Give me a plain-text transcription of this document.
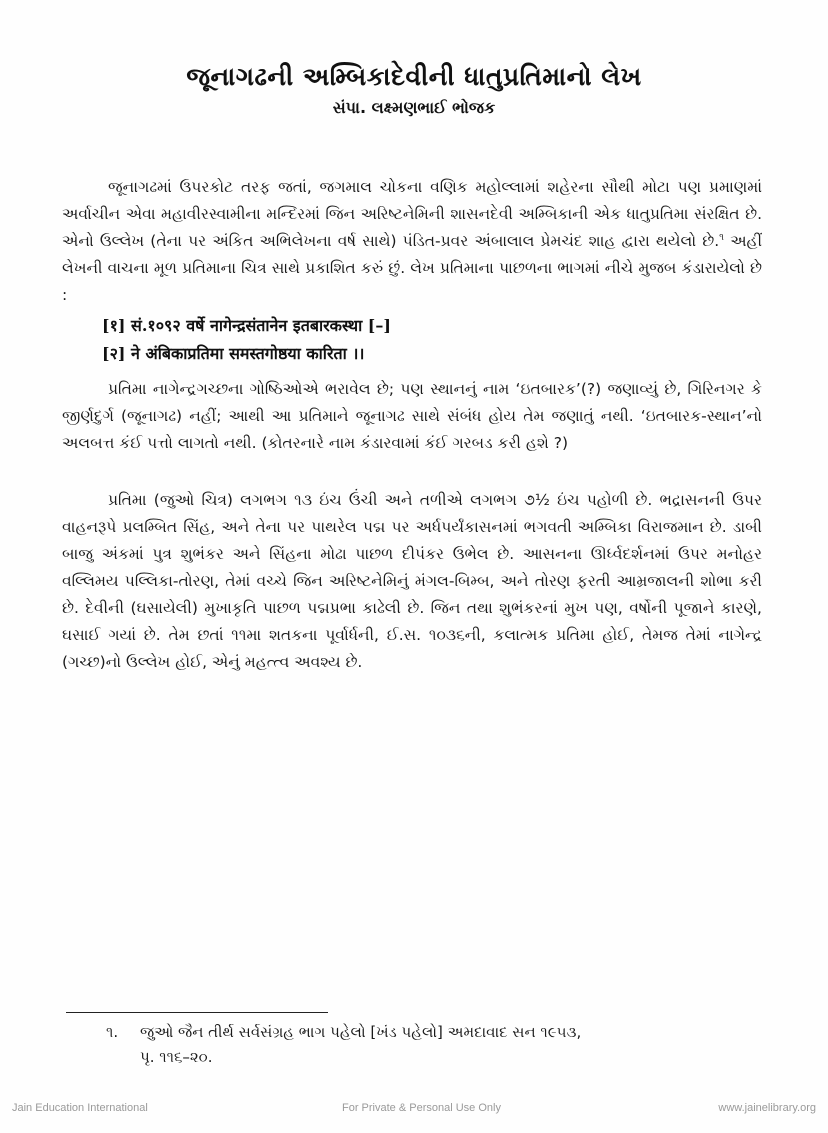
જૂનાગઢની અમ્બિકાદેવીની ધાતુપ્રતિમાનો લેખ
સંપા. લક્ષ્મણભાઈ ભોજક
જૂનાગઢમાં ઉપરકોટ તરફ જતાં, જગમાલ ચોકના વણિક મહોલ્લામાં શહેરના સૌથી મોટા પણ પ્રમાણમાં અર્વાચીન એવા મહાવીરસ્વામીના મન્દિરમાં જિન અરિષ્ટનેમિની શાસનદેવી અમ્બિકાની એક ધાતુપ્રતિમા સંરક્ષિત છે. એનો ઉલ્લેખ (તેના પર અંકિત અભિલેખના વર્ષ સાથે) પંડિત-પ્રવર અંબાલાલ પ્રેમચંદ શાહ દ્વારા થયેલો છે.$^૧$ અહીં લેખની વાચના મૂળ પ્રતિમાના ચિત્ર સાથે પ્રકાશિત કરું છું. લેખ પ્રતિમાના પાછળના ભાગમાં નીચે મુજબ કંડારાયેલો છે :
[१] सं.१०९२ वर्षे नागेन्द्रसंतानेन इतबारकस्था [–]
[२] ने अंबिकाप्रतिमा समस्तगोष्ठया कारिता ।।
પ્રતિમા નાગેન્દ્રગચ્છના ગોષ્ઠિઓએ ભરાવેલ છે; પણ સ્થાનનું નામ ‘ઇતબારક’(?) જણાવ્યું છે, ગિરિનગર કે જીર્ણદુર્ગ (જૂનાગઢ) નહીં; આથી આ પ્રતિમાને જૂનાગઢ સાથે સંબંધ હોય તેમ જણાતું નથી. ‘ઇતબારક-સ્થાન’નો અલબત્ત કંઈ પત્તો લાગતો નથી. (કોતરનારે નામ કંડારવામાં કંઈ ગરબડ કરી હશે ?)
પ્રતિમા (જુઓ ચિત્ર) લગભગ ૧૩ ઇંચ ઉંચી અને તળીએ લગભગ ૭½ ઇંચ પહોળી છે. ભદ્રાસનની ઉપર વાહનરૂપે પ્રલમ્બિત સિંહ, અને તેના પર પાથરેલ પદ્મ પર અર્ધપર્યંકાસનમાં ભગવતી અમ્બિકા વિરાજમાન છે. ડાબી બાજુ અંકમાં પુત્ર શુભંકર અને સિંહના મોઢા પાછળ દીપંકર ઉભેલ છે. આસનના ઊર્ધ્વદર્શનમાં ઉપર મનોહર વલ્લિમય પલ્લિકા-તોરણ, તેમાં વચ્ચે જિન અરિષ્ટનેમિનું મંગલ-બિમ્બ, અને તોરણ ફરતી આમ્રજાલની શોભા કરી છે. દેવીની (ઘસાયેલી) મુખાકૃતિ પાછળ પદ્મપ્રભા કાઢેલી છે. જિન તથા શુભંકરનાં મુખ પણ, વર્ષોની પૂજાને કારણે, ઘસાઈ ગયાં છે. તેમ છતાં ૧૧મા શતકના પૂર્વાર્ધની, ઈ.સ. ૧૦૩૬ની, કલાત્મક પ્રતિમા હોઈ, તેમજ તેમાં નાગેન્દ્ર (ગચ્છ)નો ઉલ્લેખ હોઈ, એનું મહત્ત્વ અવશ્ય છે.
૧. જુઓ જૈન તીર્થ સર્વસંગ્રહ ભાગ પહેલો [ખંડ પહેલો] અમદાવાદ સન ૧૯૫૩,
પૃ. ૧૧૬–૨૦.
Jain Education International	For Private & Personal Use Only	www.jainelibrary.org
